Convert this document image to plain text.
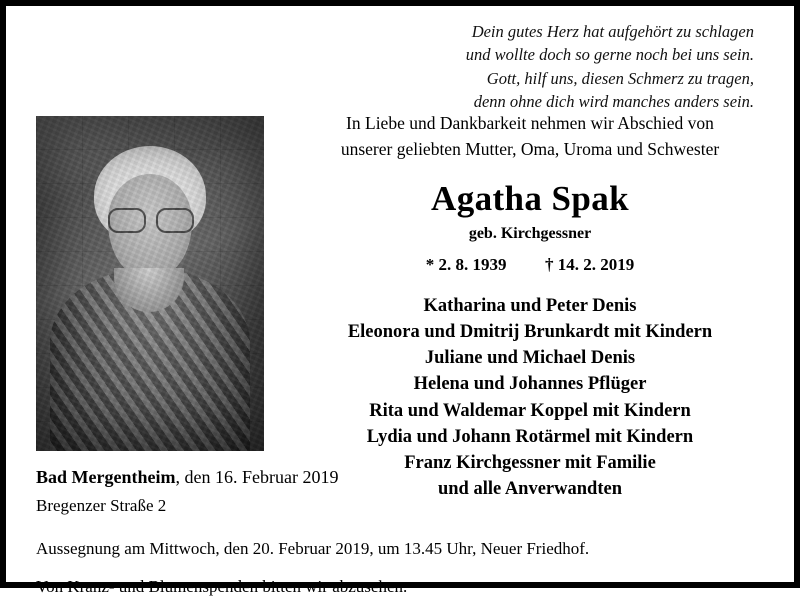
Dein gutes Herz hat aufgehört zu schlagen
und wollte doch so gerne noch bei uns sein.
Gott, hilf uns, diesen Schmerz zu tragen,
denn ohne dich wird manches anders sein.
In Liebe und Dankbarkeit nehmen wir Abschied von
unserer geliebten Mutter, Oma, Uroma und Schwester
Agatha Spak
geb. Kirchgessner
* 2. 8. 1939 † 14. 2. 2019
Katharina und Peter Denis
Eleonora und Dmitrij Brunkardt mit Kindern
Juliane und Michael Denis
Helena und Johannes Pflüger
Rita und Waldemar Koppel mit Kindern
Lydia und Johann Rotärmel mit Kindern
Franz Kirchgessner mit Familie
und alle Anverwandten
Bad Mergentheim, den 16. Februar 2019
Bregenzer Straße 2
Aussegnung am Mittwoch, den 20. Februar 2019, um 13.45 Uhr, Neuer Friedhof.
Von Kranz- und Blumenspenden bitten wir abzusehen.
